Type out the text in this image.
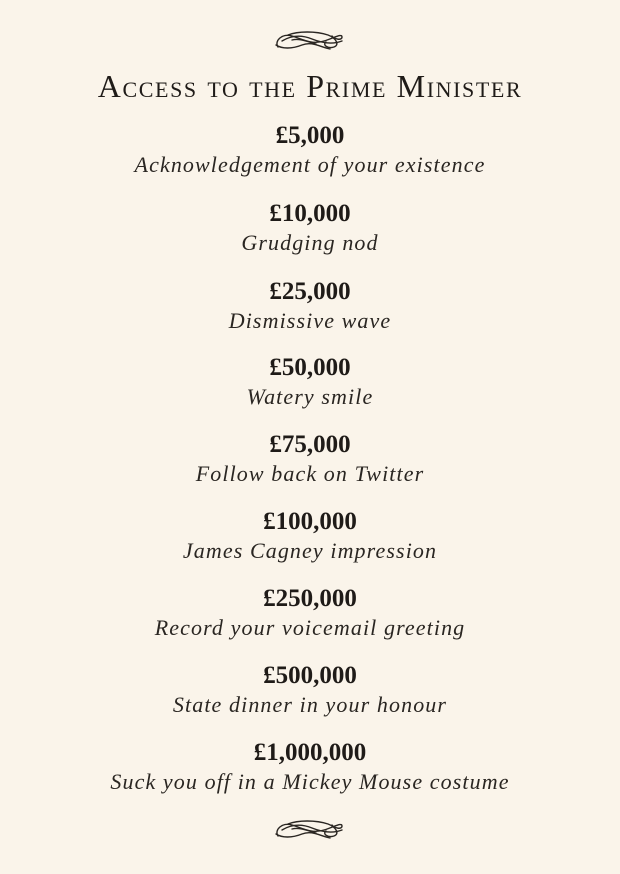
Access to the Prime Minister
£5,000
Acknowledgement of your existence
£10,000
Grudging nod
£25,000
Dismissive wave
£50,000
Watery smile
£75,000
Follow back on Twitter
£100,000
James Cagney impression
£250,000
Record your voicemail greeting
£500,000
State dinner in your honour
£1,000,000
Suck you off in a Mickey Mouse costume
